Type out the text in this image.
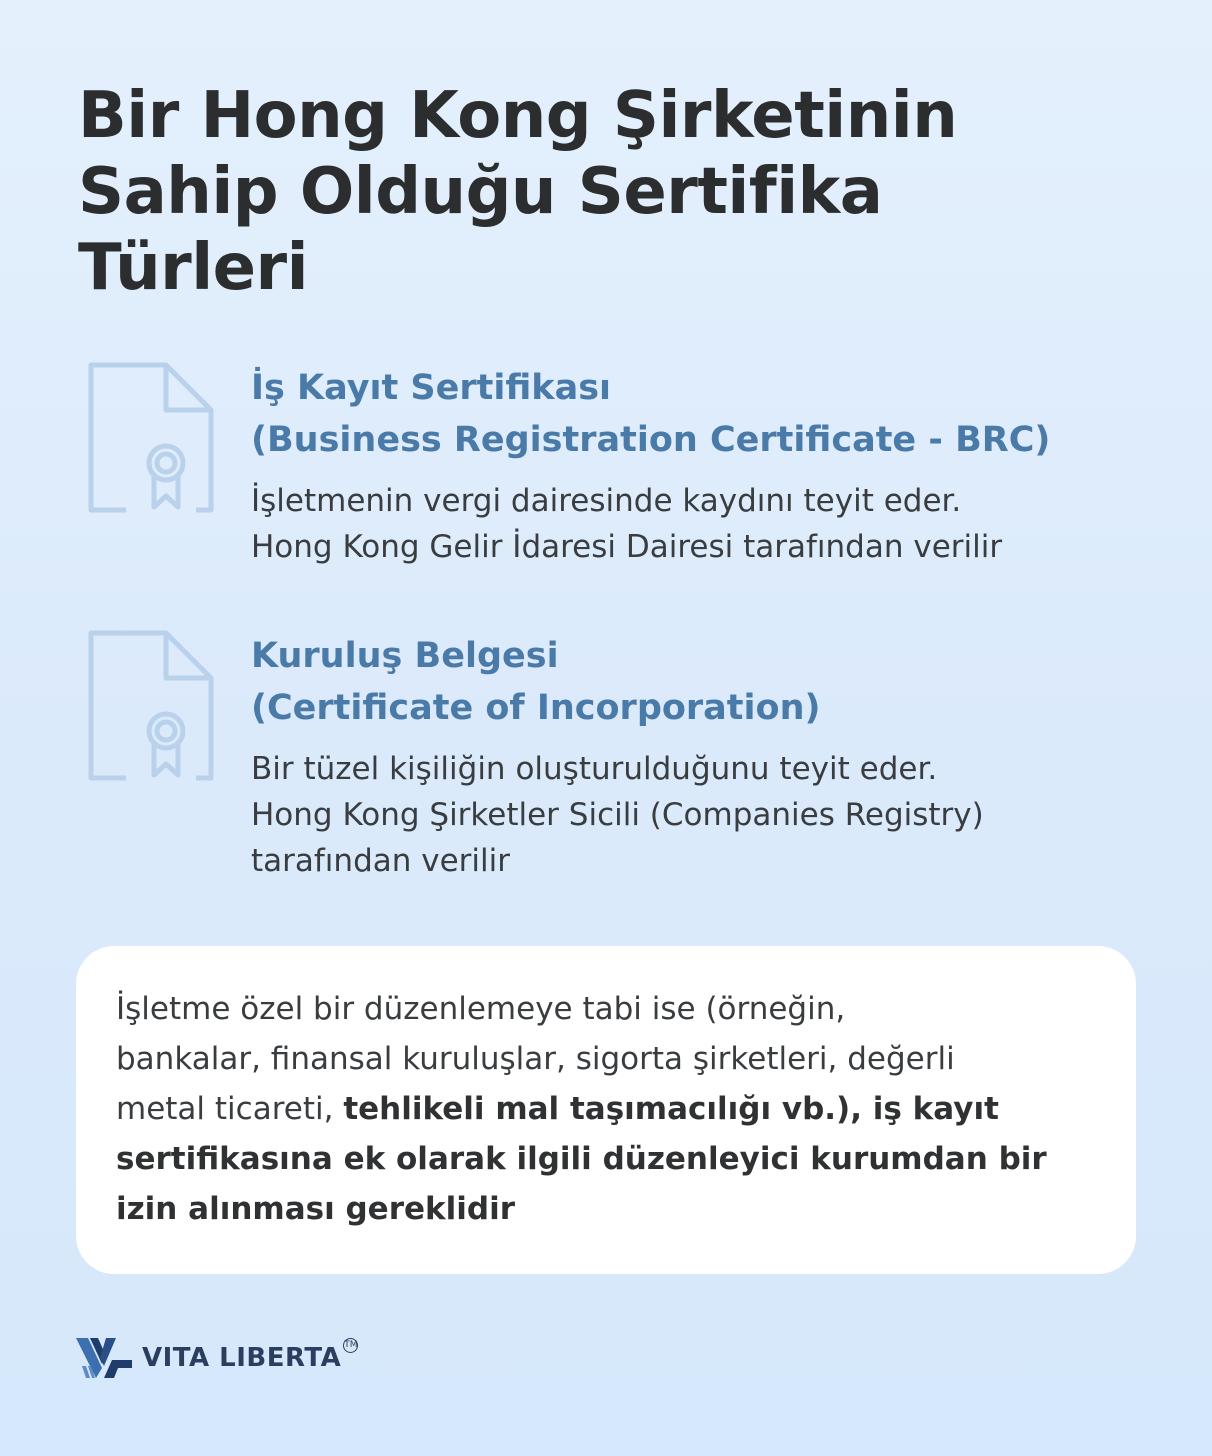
Bir Hong Kong Şirketinin
Sahip Olduğu Sertifika
Türleri
İş Kayıt Sertifikası
(Business Registration Certificate - BRC)

İşletmenin vergi dairesinde kaydını teyit eder.
Hong Kong Gelir İdaresi Dairesi tarafından verilir

Kuruluş Belgesi
(Certificate of Incorporation)

Bir tüzel kişiliğin oluşturulduğunu teyit eder.
Hong Kong Şirketler Sicili (Companies Registry)
tarafından verilir

İşletme özel bir düzenlemeye tabi ise (örneğin,
bankalar, finansal kuruluşlar, sigorta şirketleri, değerli
metal ticareti, tehlikeli mal taşımacılığı vb.), iş kayıt
sertifikasına ek olarak ilgili düzenleyici kurumdan bir
izin alınması gereklidir

VITA LIBERTA TM
